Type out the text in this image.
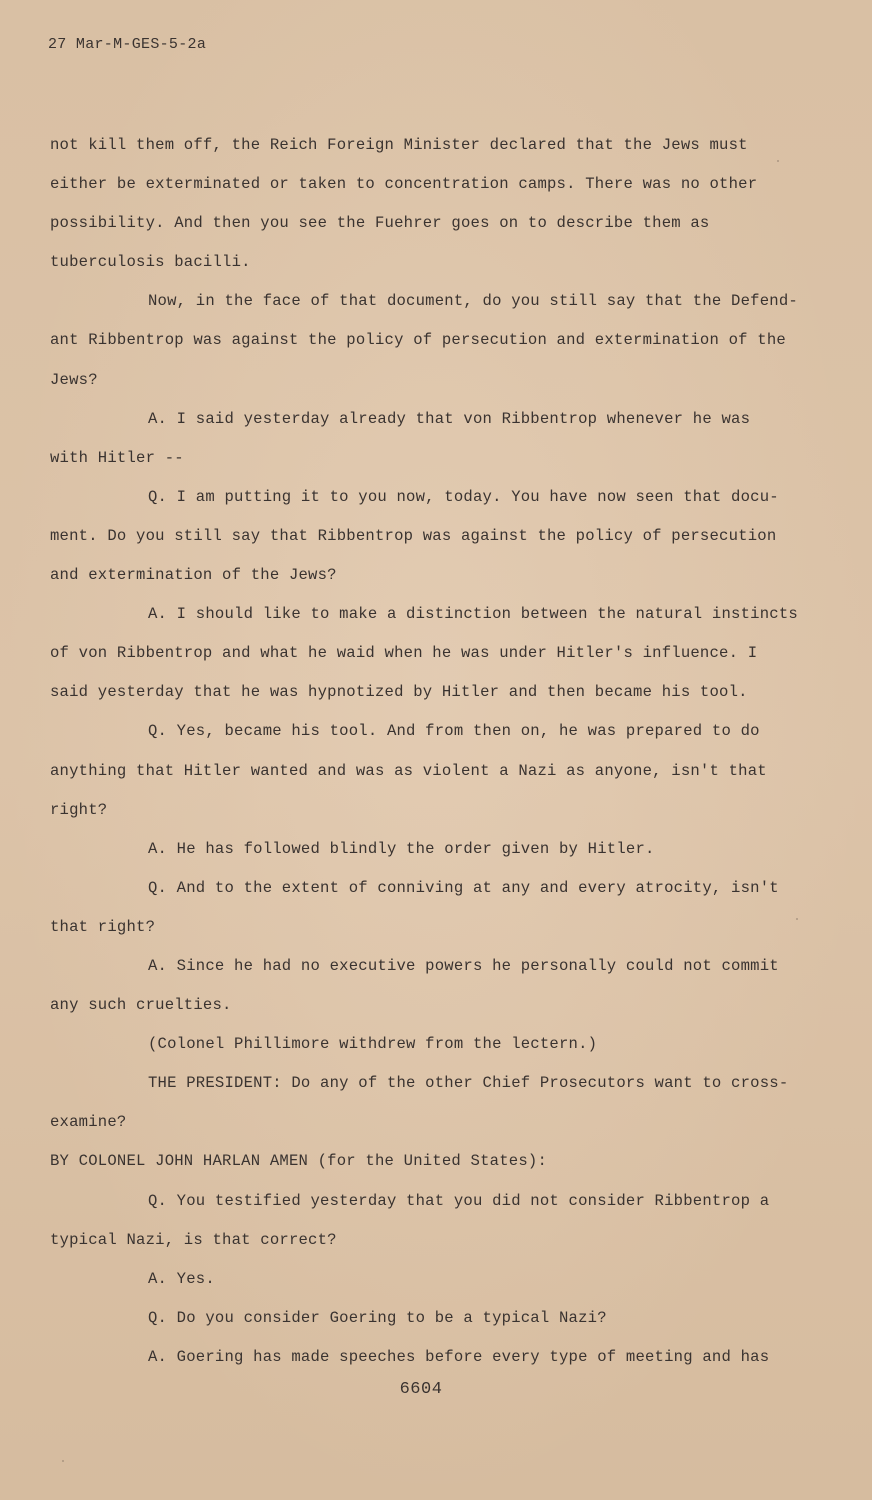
27 Mar-M-GES-5-2a
not kill them off, the Reich Foreign Minister declared that the Jews must
either be exterminated or taken to concentration camps. There was no other
possibility. And then you see the Fuehrer goes on to describe them as
tuberculosis bacilli.
Now, in the face of that document, do you still say that the Defend-
ant Ribbentrop was against the policy of persecution and extermination of the
Jews?
A. I said yesterday already that von Ribbentrop whenever he was
with Hitler --
Q. I am putting it to you now, today. You have now seen that docu-
ment. Do you still say that Ribbentrop was against the policy of persecution
and extermination of the Jews?
A. I should like to make a distinction between the natural instincts
of von Ribbentrop and what he waid when he was under Hitler's influence. I
said yesterday that he was hypnotized by Hitler and then became his tool.
Q. Yes, became his tool. And from then on, he was prepared to do
anything that Hitler wanted and was as violent a Nazi as anyone, isn't that
right?
A. He has followed blindly the order given by Hitler.
Q. And to the extent of conniving at any and every atrocity, isn't
that right?
A. Since he had no executive powers he personally could not commit
any such cruelties.
(Colonel Phillimore withdrew from the lectern.)
THE PRESIDENT: Do any of the other Chief Prosecutors want to cross-
examine?
BY COLONEL JOHN HARLAN AMEN (for the United States):
Q. You testified yesterday that you did not consider Ribbentrop a
typical Nazi, is that correct?
A. Yes.
Q. Do you consider Goering to be a typical Nazi?
A. Goering has made speeches before every type of meeting and has
6604
